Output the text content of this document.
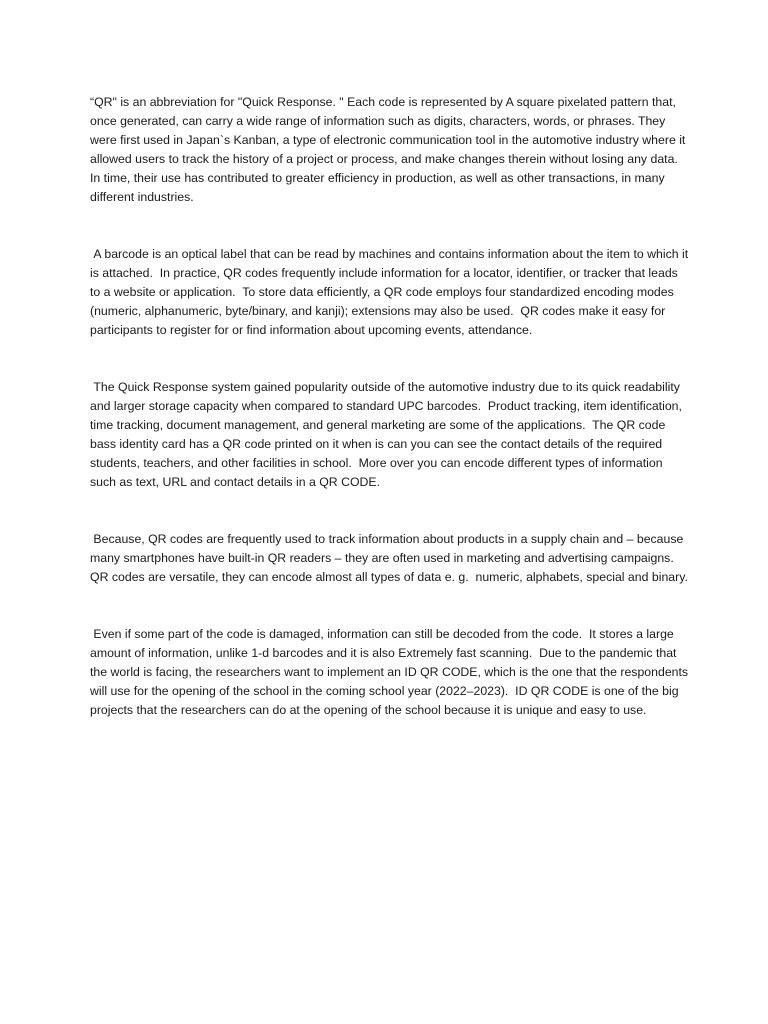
“QR" is an abbreviation for "Quick Response. " Each code is represented by A square pixelated pattern that, once generated, can carry a wide range of information such as digits, characters, words, or phrases. They were first used in Japan`s Kanban, a type of electronic communication tool in the automotive industry where it allowed users to track the history of a project or process, and make changes therein without losing any data.  In time, their use has contributed to greater efficiency in production, as well as other transactions, in many different industries.

A barcode is an optical label that can be read by machines and contains information about the item to which it is attached.  In practice, QR codes frequently include information for a locator, identifier, or tracker that leads to a website or application.  To store data efficiently, a QR code employs four standardized encoding modes (numeric, alphanumeric, byte/binary, and kanji); extensions may also be used.  QR codes make it easy for participants to register for or find information about upcoming events, attendance.

The Quick Response system gained popularity outside of the automotive industry due to its quick readability and larger storage capacity when compared to standard UPC barcodes.  Product tracking, item identification, time tracking, document management, and general marketing are some of the applications.  The QR code bass identity card has a QR code printed on it when is can you can see the contact details of the required students, teachers, and other facilities in school.  More over you can encode different types of information such as text, URL and contact details in a QR CODE.

Because, QR codes are frequently used to track information about products in a supply chain and – because many smartphones have built-in QR readers – they are often used in marketing and advertising campaigns.  QR codes are versatile, they can encode almost all types of data e. g.  numeric, alphabets, special and binary.

Even if some part of the code is damaged, information can still be decoded from the code.  It stores a large amount of information, unlike 1-d barcodes and it is also Extremely fast scanning.  Due to the pandemic that the world is facing, the researchers want to implement an ID QR CODE, which is the one that the respondents will use for the opening of the school in the coming school year (2022–2023).  ID QR CODE is one of the big projects that the researchers can do at the opening of the school because it is unique and easy to use.
